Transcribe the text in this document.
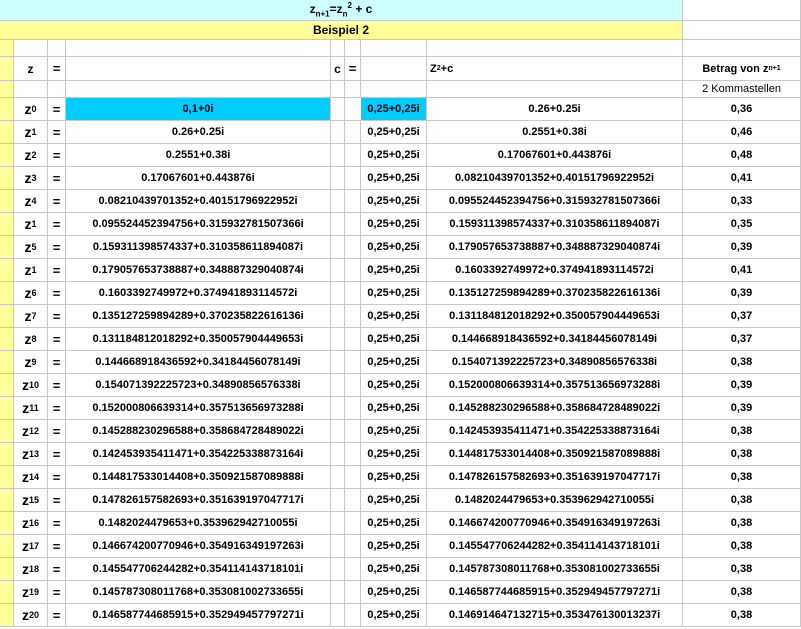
$z_{n+1}=z_n^2 + c$
Beispiel 2
z	=	c =	Z 2 +c	Betrag von z n+1
2 Kommastellen
z 0	=	0,1+0i	0,25+0,25i	0.26+0.25i	0,36
z 1	=	0.26+0.25i	0,25+0,25i	0.2551+0.38i	0,46
z 2	=	0.2551+0.38i	0,25+0,25i	0.17067601+0.443876i	0,48
z 3	=	0.17067601+0.443876i	0,25+0,25i	0.08210439701352+0.40151796922952i	0,41
z 4	=	0.08210439701352+0.40151796922952i	0,25+0,25i	0.095524452394756+0.315932781507366i	0,33
z 1	=	0.095524452394756+0.315932781507366i	0,25+0,25i	0.159311398574337+0.310358611894087i	0,35
z 5	=	0.159311398574337+0.310358611894087i	0,25+0,25i	0.179057653738887+0.348887329040874i	0,39
z 1	=	0.179057653738887+0.348887329040874i	0,25+0,25i	0.1603392749972+0.374941893114572i	0,41
z 6	=	0.1603392749972+0.374941893114572i	0,25+0,25i	0.135127259894289+0.370235822616136i	0,39
z 7	=	0.135127259894289+0.370235822616136i	0,25+0,25i	0.131184812018292+0.350057904449653i	0,37
z 8	=	0.131184812018292+0.350057904449653i	0,25+0,25i	0.144668918436592+0.34184456078149i	0,37
z 9	=	0.144668918436592+0.34184456078149i	0,25+0,25i	0.154071392225723+0.34890856576338i	0,38
z 10	=	0.154071392225723+0.34890856576338i	0,25+0,25i	0.152000806639314+0.357513656973288i	0,39
z 11	=	0.152000806639314+0.357513656973288i	0,25+0,25i	0.145288230296588+0.358684728489022i	0,39
z 12	=	0.145288230296588+0.358684728489022i	0,25+0,25i	0.142453935411471+0.354225338873164i	0,38
z 13	=	0.142453935411471+0.354225338873164i	0,25+0,25i	0.144817533014408+0.350921587089888i	0,38
z 14	=	0.144817533014408+0.350921587089888i	0,25+0,25i	0.147826157582693+0.351639197047717i	0,38
z 15	=	0.147826157582693+0.351639197047717i	0,25+0,25i	0.1482024479653+0.353962942710055i	0,38
z 16	=	0.1482024479653+0.353962942710055i	0,25+0,25i	0.146674200770946+0.354916349197263i	0,38
z 17	=	0.146674200770946+0.354916349197263i	0,25+0,25i	0.145547706244282+0.354114143718101i	0,38
z 18	=	0.145547706244282+0.354114143718101i	0,25+0,25i	0.145787308011768+0.353081002733655i	0,38
z 19	=	0.145787308011768+0.353081002733655i	0,25+0,25i	0.146587744685915+0.352949457797271i	0,38
z 20	=	0.146587744685915+0.352949457797271i	0,25+0,25i	0.146914647132715+0.353476130013237i	0,38
